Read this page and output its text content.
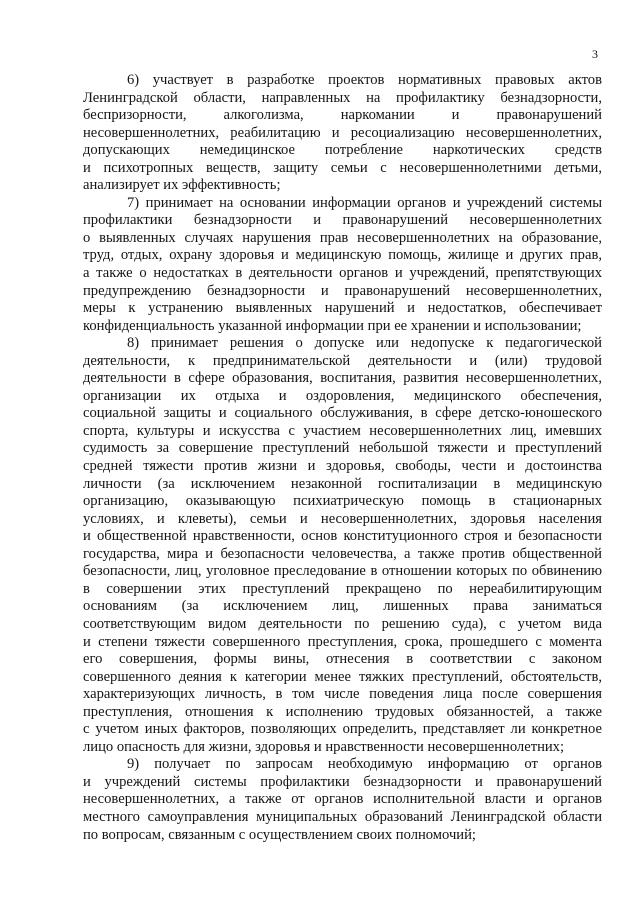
3
6) участвует в разработке проектов нормативных правовых актов
Ленинградской области, направленных на профилактику безнадзорности,
беспризорности, алкоголизма, наркомании и правонарушений
несовершеннолетних, реабилитацию и ресоциализацию несовершеннолетних,
допускающих немедицинское потребление наркотических средств
и психотропных веществ, защиту семьи с несовершеннолетними детьми,
анализирует их эффективность;
7) принимает на основании информации органов и учреждений системы
профилактики безнадзорности и правонарушений несовершеннолетних
о выявленных случаях нарушения прав несовершеннолетних на образование,
труд, отдых, охрану здоровья и медицинскую помощь, жилище и других прав,
а также о недостатках в деятельности органов и учреждений, препятствующих
предупреждению безнадзорности и правонарушений несовершеннолетних,
меры к устранению выявленных нарушений и недостатков, обеспечивает
конфиденциальность указанной информации при ее хранении и использовании;
8) принимает решения о допуске или недопуске к педагогической
деятельности, к предпринимательской деятельности и (или) трудовой
деятельности в сфере образования, воспитания, развития несовершеннолетних,
организации их отдыха и оздоровления, медицинского обеспечения,
социальной защиты и социального обслуживания, в сфере детско-юношеского
спорта, культуры и искусства с участием несовершеннолетних лиц, имевших
судимость за совершение преступлений небольшой тяжести и преступлений
средней тяжести против жизни и здоровья, свободы, чести и достоинства
личности (за исключением незаконной госпитализации в медицинскую
организацию, оказывающую психиатрическую помощь в стационарных
условиях, и клеветы), семьи и несовершеннолетних, здоровья населения
и общественной нравственности, основ конституционного строя и безопасности
государства, мира и безопасности человечества, а также против общественной
безопасности, лиц, уголовное преследование в отношении которых по обвинению
в совершении этих преступлений прекращено по нереабилитирующим
основаниям (за исключением лиц, лишенных права заниматься
соответствующим видом деятельности по решению суда), с учетом вида
и степени тяжести совершенного преступления, срока, прошедшего с момента
его совершения, формы вины, отнесения в соответствии с законом
совершенного деяния к категории менее тяжких преступлений, обстоятельств,
характеризующих личность, в том числе поведения лица после совершения
преступления, отношения к исполнению трудовых обязанностей, а также
с учетом иных факторов, позволяющих определить, представляет ли конкретное
лицо опасность для жизни, здоровья и нравственности несовершеннолетних;
9) получает по запросам необходимую информацию от органов
и учреждений системы профилактики безнадзорности и правонарушений
несовершеннолетних, а также от органов исполнительной власти и органов
местного самоуправления муниципальных образований Ленинградской области
по вопросам, связанным с осуществлением своих полномочий;
